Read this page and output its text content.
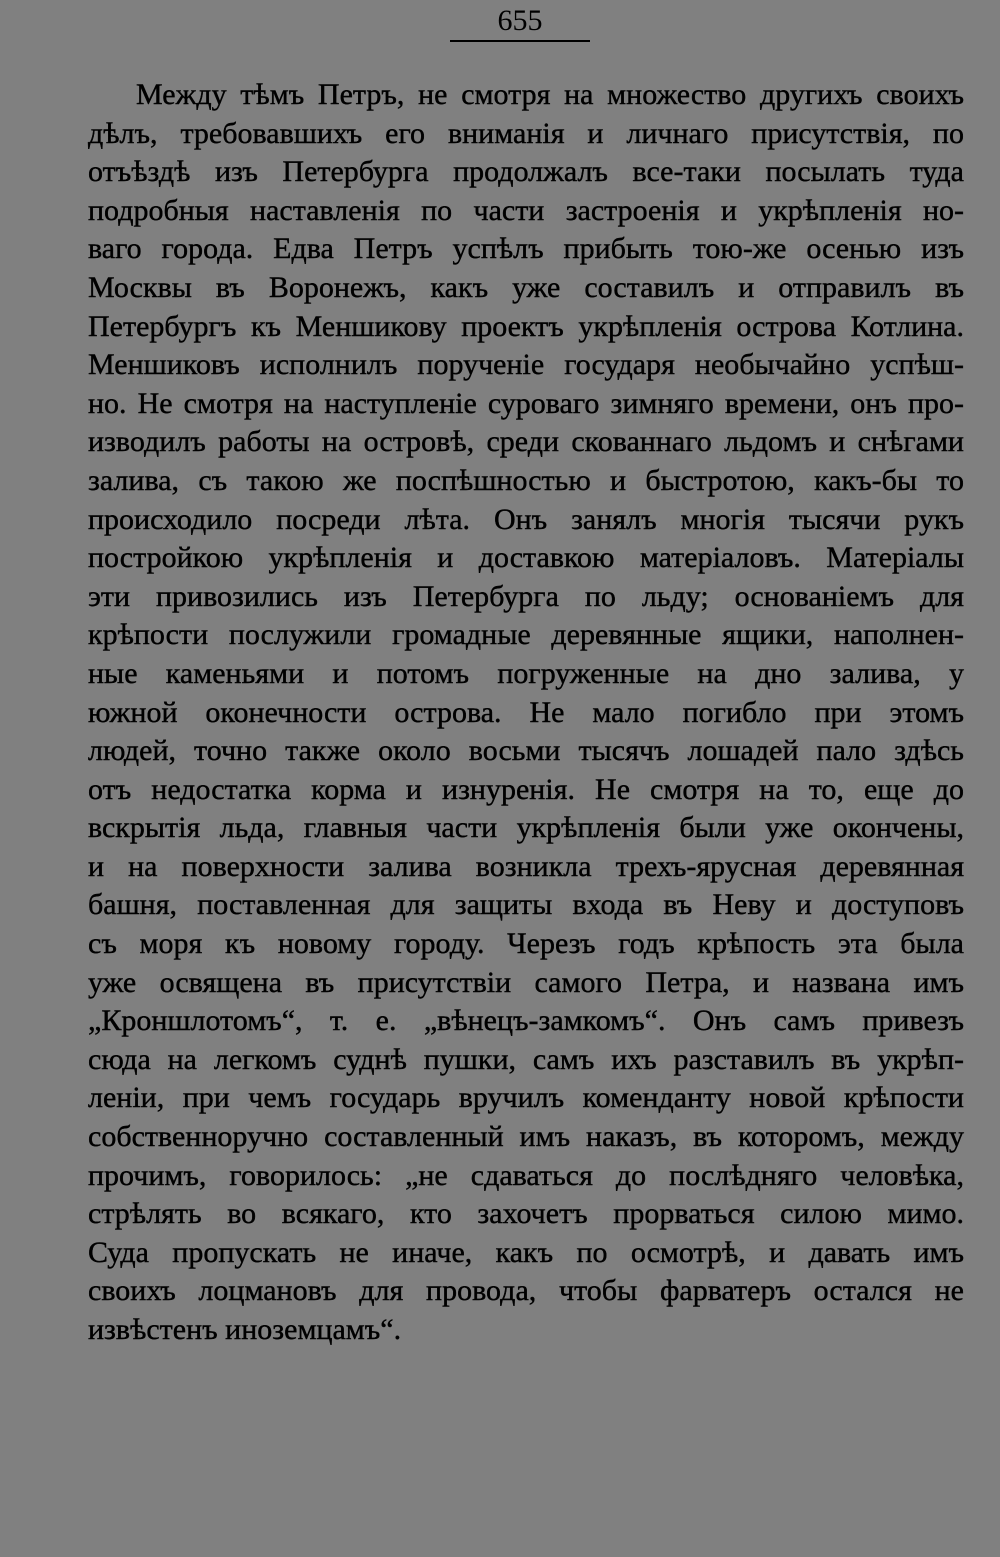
655
Между тѣмъ Петръ, не смотря на множество другихъ своихъ
дѣлъ, требовавшихъ его вниманія и личнаго присутствія, по
отъѣздѣ изъ Петербурга продолжалъ все-таки посылать туда
подробныя наставленія по части застроенія и укрѣпленія но-
ваго города. Едва Петръ успѣлъ прибыть тою-же осенью изъ
Москвы въ Воронежъ, какъ уже составилъ и отправилъ въ
Петербургъ къ Меншикову проектъ укрѣпленія острова Котлина.
Меншиковъ исполнилъ порученіе государя необычайно успѣш-
но. Не смотря на наступленіе суроваго зимняго времени, онъ про-
изводилъ работы на островѣ, среди скованнаго льдомъ и снѣгами
залива, съ такою же поспѣшностью и быстротою, какъ-бы то
происходило посреди лѣта. Онъ занялъ многія тысячи рукъ
постройкою укрѣпленія и доставкою матеріаловъ. Матеріалы
эти привозились изъ Петербурга по льду; основаніемъ для
крѣпости послужили громадные деревянные ящики, наполнен-
ные каменьями и потомъ погруженные на дно залива, у
южной оконечности острова. Не мало погибло при этомъ
людей, точно также около восьми тысячъ лошадей пало здѣсь
отъ недостатка корма и изнуренія. Не смотря на то, еще до
вскрытія льда, главныя части укрѣпленія были уже окончены,
и на поверхности залива возникла трехъ-ярусная деревянная
башня, поставленная для защиты входа въ Неву и доступовъ
съ моря къ новому городу. Черезъ годъ крѣпость эта была
уже освящена въ присутствіи самого Петра, и названа имъ
„Кроншлотомъ“, т. е. „вѣнецъ-замкомъ“. Онъ самъ привезъ
сюда на легкомъ суднѣ пушки, самъ ихъ разставилъ въ укрѣп-
леніи, при чемъ государь вручилъ коменданту новой крѣпости
собственноручно составленный имъ наказъ, въ которомъ, между
прочимъ, говорилось: „не сдаваться до послѣдняго человѣка,
стрѣлять во всякаго, кто захочетъ прорваться силою мимо.
Суда пропускать не иначе, какъ по осмотрѣ, и давать имъ
своихъ лоцмановъ для провода, чтобы фарватеръ остался не
извѣстенъ иноземцамъ“.
